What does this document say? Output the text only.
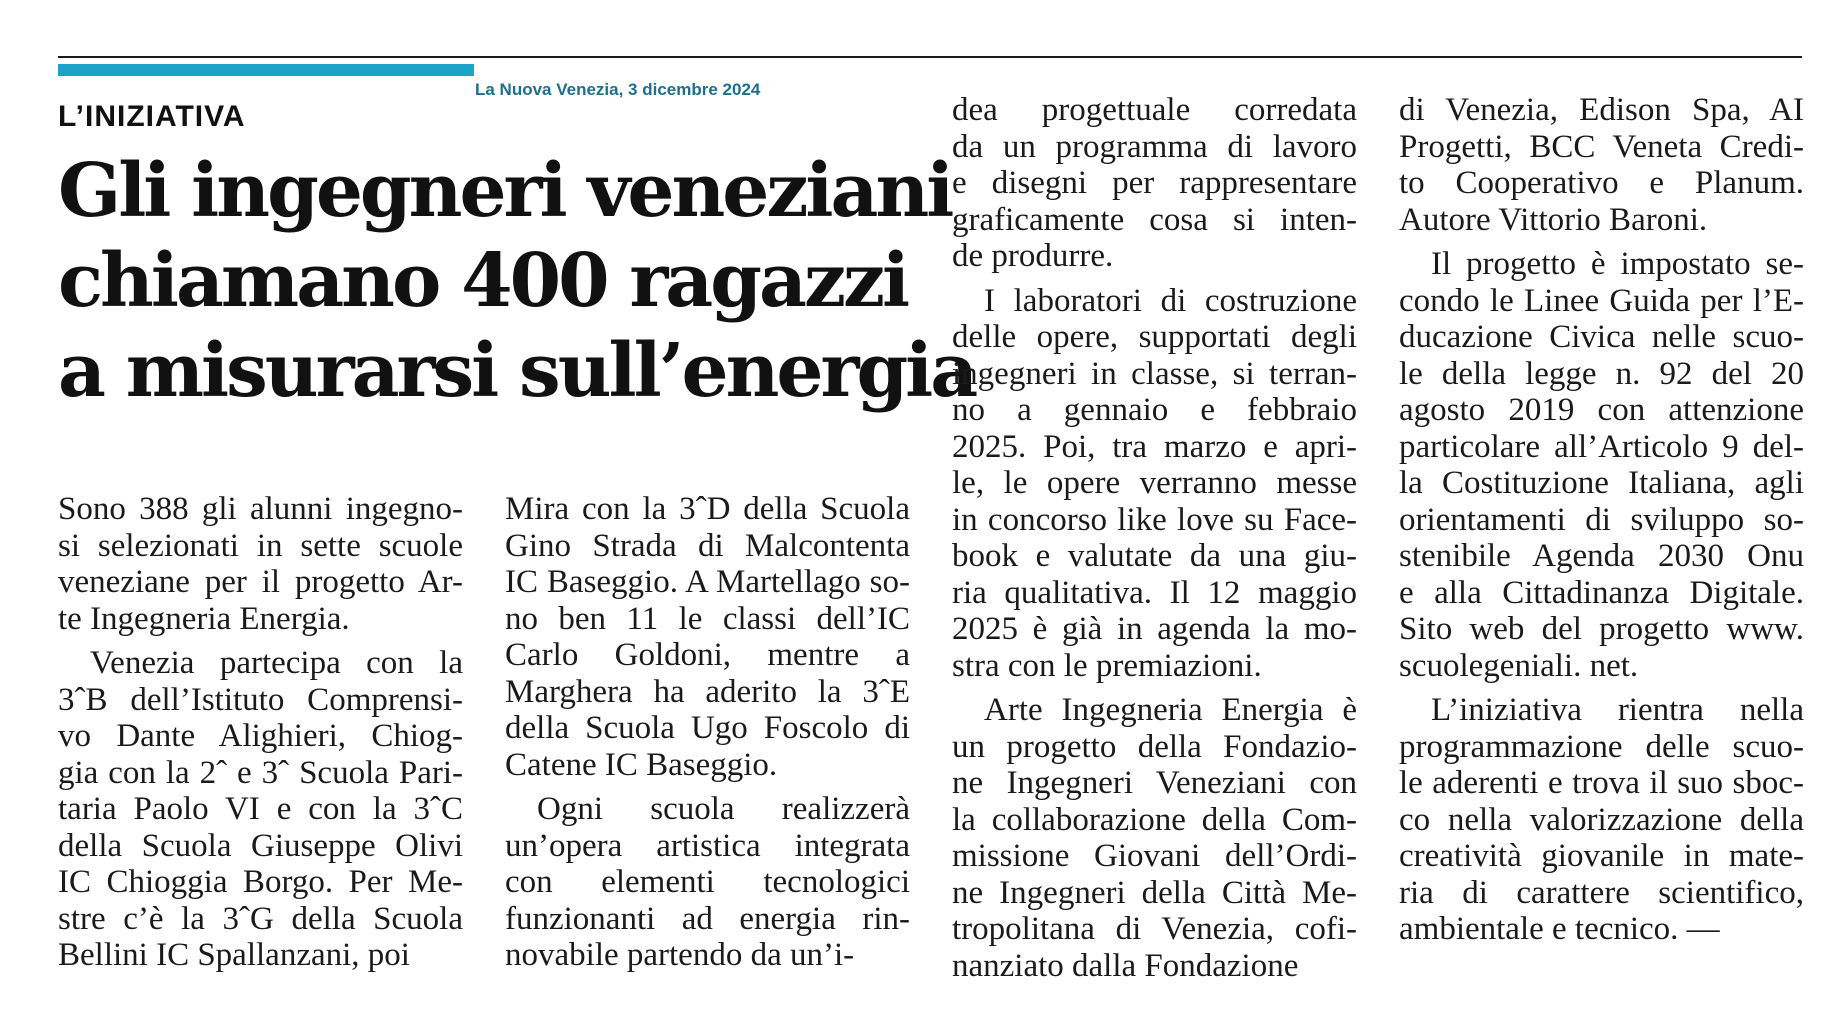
La Nuova Venezia, 3 dicembre 2024
L’INIZIATIVA
Gli ingegneri veneziani
chiamano 400 ragazzi
a misurarsi sull’energia
Sono 388 gli alunni ingegno-
si selezionati in sette scuole
veneziane per il progetto Ar-
te Ingegneria Energia.
Venezia partecipa con la
3ˆB dell’Istituto Comprensi-
vo Dante Alighieri, Chiog-
gia con la 2ˆ e 3ˆ Scuola Pari-
taria Paolo VI e con la 3ˆC
della Scuola Giuseppe Olivi
IC Chioggia Borgo. Per Me-
stre c’è la 3ˆG della Scuola
Bellini IC Spallanzani, poi
Mira con la 3ˆD della Scuola
Gino Strada di Malcontenta
IC Baseggio. A Martellago so-
no ben 11 le classi dell’IC
Carlo Goldoni, mentre a
Marghera ha aderito la 3ˆE
della Scuola Ugo Foscolo di
Catene IC Baseggio.
Ogni scuola realizzerà
un’opera artistica integrata
con elementi tecnologici
funzionanti ad energia rin-
novabile partendo da un’i-
dea progettuale corredata
da un programma di lavoro
e disegni per rappresentare
graficamente cosa si inten-
de produrre.
I laboratori di costruzione
delle opere, supportati degli
ingegneri in classe, si terran-
no a gennaio e febbraio
2025. Poi, tra marzo e apri-
le, le opere verranno messe
in concorso like love su Face-
book e valutate da una giu-
ria qualitativa. Il 12 maggio
2025 è già in agenda la mo-
stra con le premiazioni.
Arte Ingegneria Energia è
un progetto della Fondazio-
ne Ingegneri Veneziani con
la collaborazione della Com-
missione Giovani dell’Ordi-
ne Ingegneri della Città Me-
tropolitana di Venezia, cofi-
nanziato dalla Fondazione
di Venezia, Edison Spa, AI
Progetti, BCC Veneta Credi-
to Cooperativo e Planum.
Autore Vittorio Baroni.
Il progetto è impostato se-
condo le Linee Guida per l’E-
ducazione Civica nelle scuo-
le della legge n. 92 del 20
agosto 2019 con attenzione
particolare all’Articolo 9 del-
la Costituzione Italiana, agli
orientamenti di sviluppo so-
stenibile Agenda 2030 Onu
e alla Cittadinanza Digitale.
Sito web del progetto www.
scuolegeniali. net.
L’iniziativa rientra nella
programmazione delle scuo-
le aderenti e trova il suo sboc-
co nella valorizzazione della
creatività giovanile in mate-
ria di carattere scientifico,
ambientale e tecnico. —
